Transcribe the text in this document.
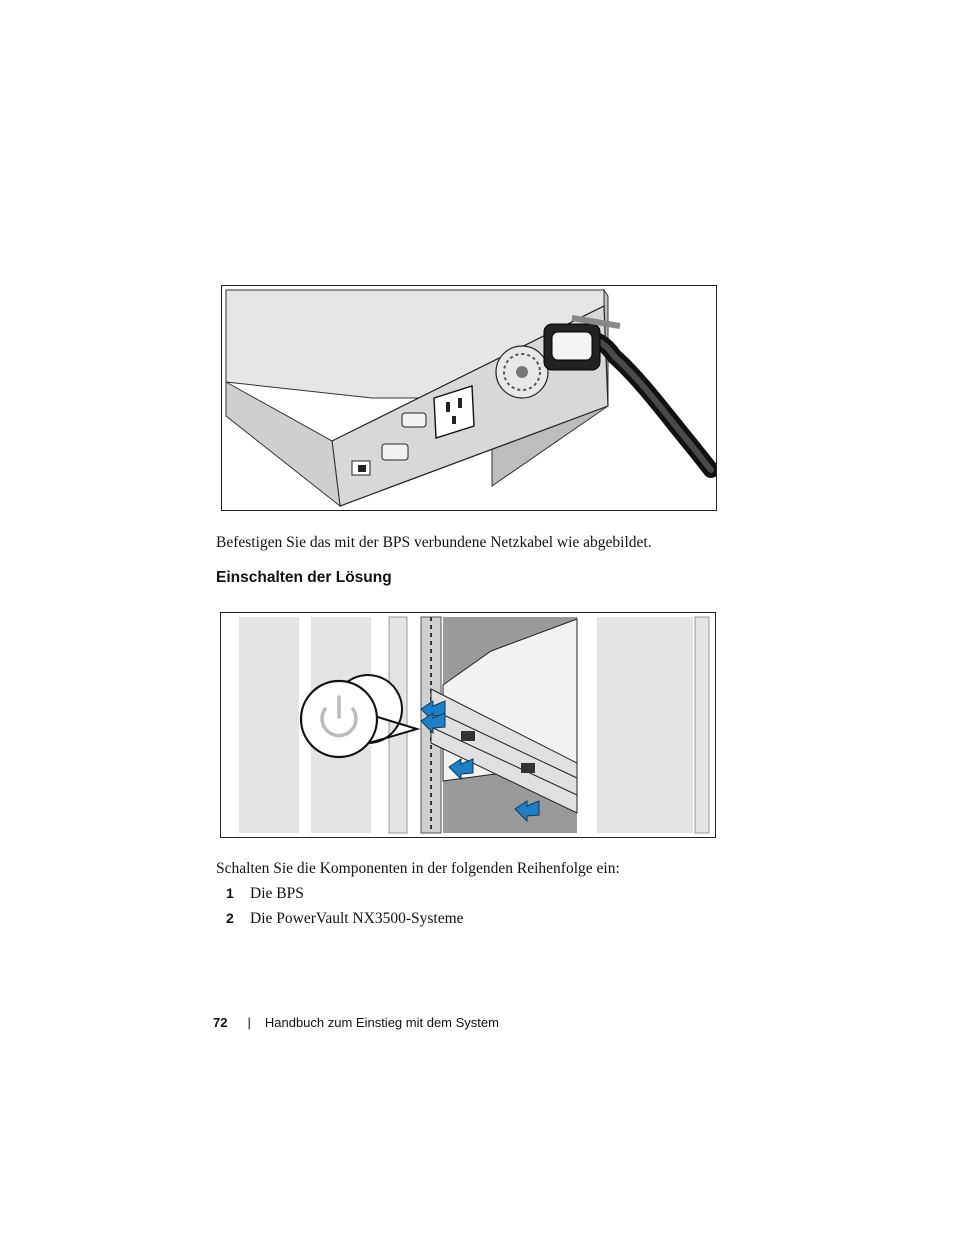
Befestigen Sie das mit der BPS verbundene Netzkabel wie abgebildet.

Einschalten der Lösung

Schalten Sie die Komponenten in der folgenden Reihenfolge ein:

1 Die BPS
2 Die PowerVault NX3500-Systeme
72 | Handbuch zum Einstieg mit dem System
